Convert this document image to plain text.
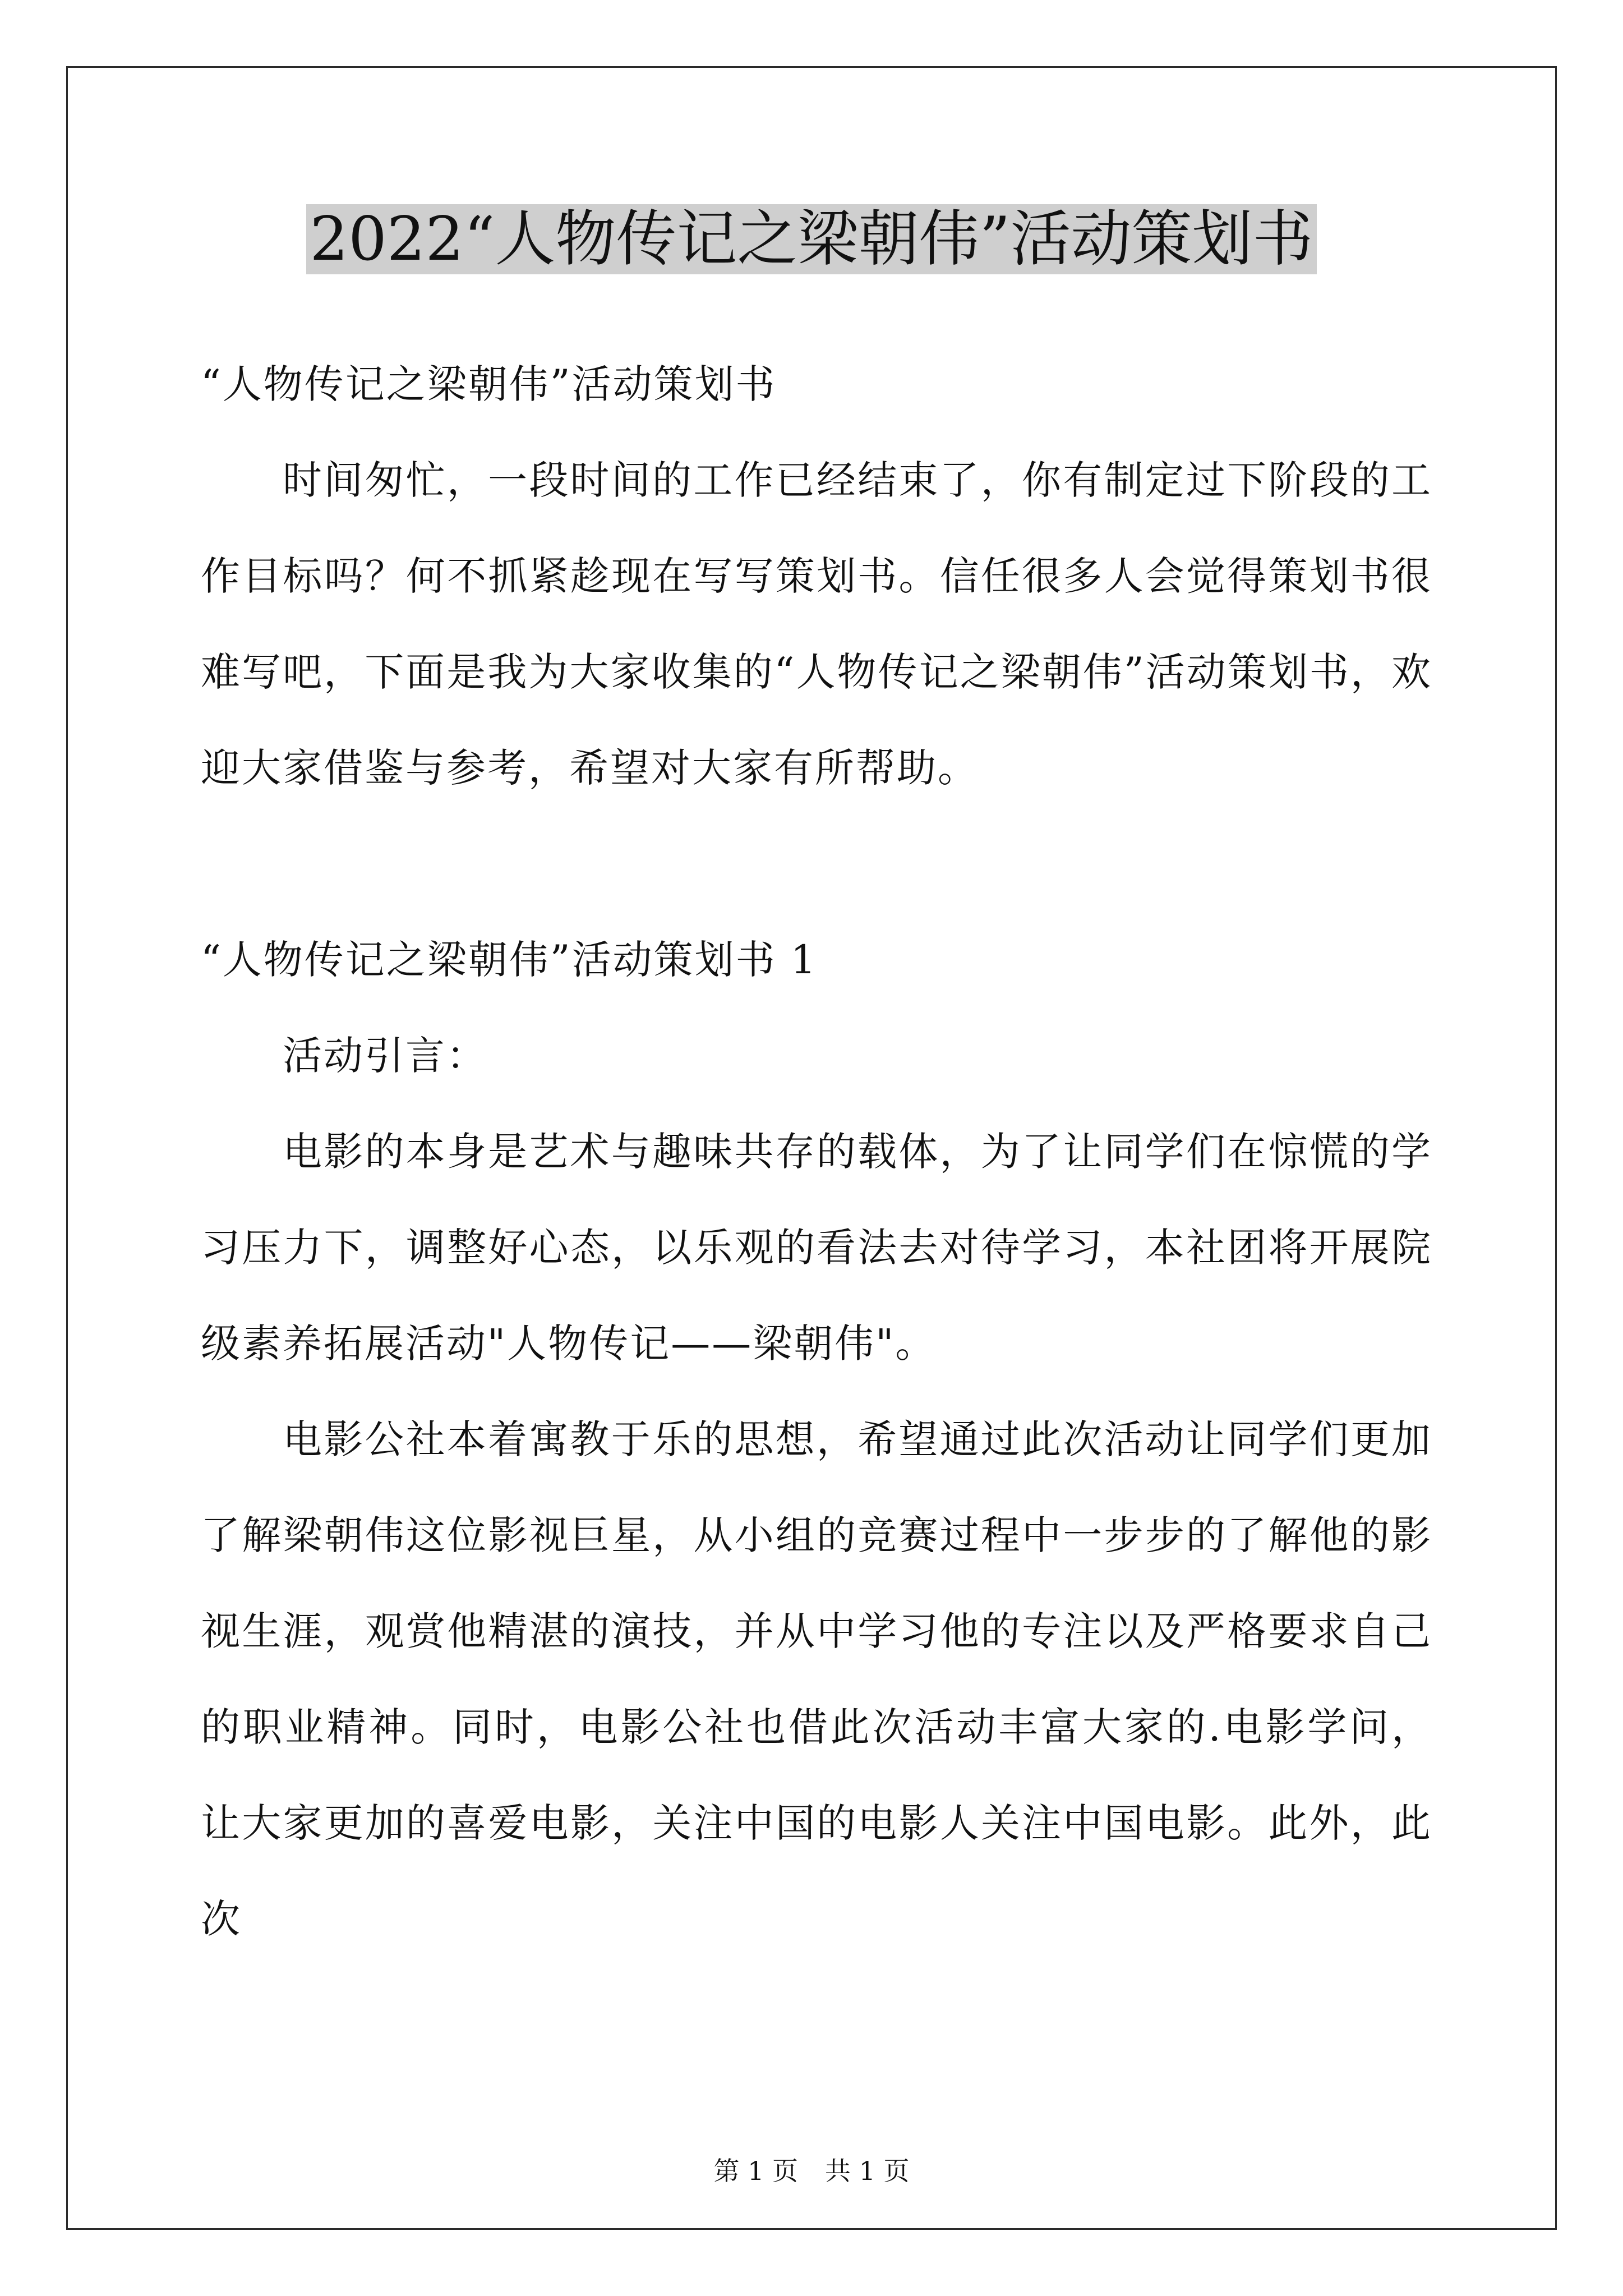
2022“人物传记之梁朝伟”活动策划书
“人物传记之梁朝伟”活动策划书

时间匆忙，一段时间的工作已经结束了，你有制定过下阶段的工作目标吗？何不抓紧趁现在写写策划书。信任很多人会觉得策划书很难写吧，下面是我为大家收集的“人物传记之梁朝伟”活动策划书，欢迎大家借鉴与参考，希望对大家有所帮助。

“人物传记之梁朝伟”活动策划书 1

活动引言：

电影的本身是艺术与趣味共存的载体，为了让同学们在惊慌的学习压力下，调整好心态，以乐观的看法去对待学习，本社团将开展院级素养拓展活动"人物传记——梁朝伟"。

电影公社本着寓教于乐的思想，希望通过此次活动让同学们更加了解梁朝伟这位影视巨星，从小组的竞赛过程中一步步的了解他的影视生涯，观赏他精湛的演技，并从中学习他的专注以及严格要求自己的职业精神。同时，电影公社也借此次活动丰富大家的.电影学问，让大家更加的喜爱电影，关注中国的电影人关注中国电影。此外，此次

第 1 页 共 1 页
